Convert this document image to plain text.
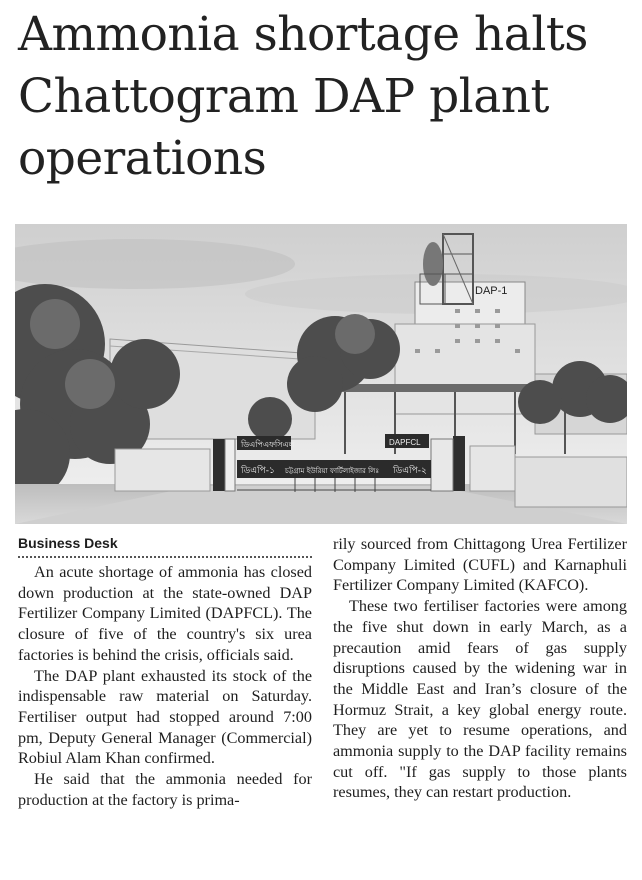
Ammonia shortage halts Chattogram DAP plant operations
DAP-1
ডিএপিএফসিএল	DAPFCL
ডিএপি-১ চট্টগ্রাম ইউরিয়া ফার্টিলাইজার লিঃ ডিএপি-২
Business Desk

An acute shortage of ammonia has closed down production at the state-owned DAP Fertilizer Company Limited (DAPFCL). The closure of five of the country's six urea factories is behind the crisis, officials said.

The DAP plant exhausted its stock of the indispensable raw material on Saturday. Fertiliser output had stopped around 7:00 pm, Deputy General Manager (Commercial) Robiul Alam Khan confirmed.

He said that the ammonia needed for production at the factory is prima-

rily sourced from Chittagong Urea Fertilizer Company Limited (CUFL) and Karnaphuli Fertilizer Company Limited (KAFCO).

These two fertiliser factories were among the five shut down in early March, as a precaution amid fears of gas supply disruptions caused by the widening war in the Middle East and Iran’s closure of the Hormuz Strait, a key global energy route. They are yet to resume operations, and ammonia supply to the DAP facility remains cut off. "If gas supply to those plants resumes, they can restart production.
